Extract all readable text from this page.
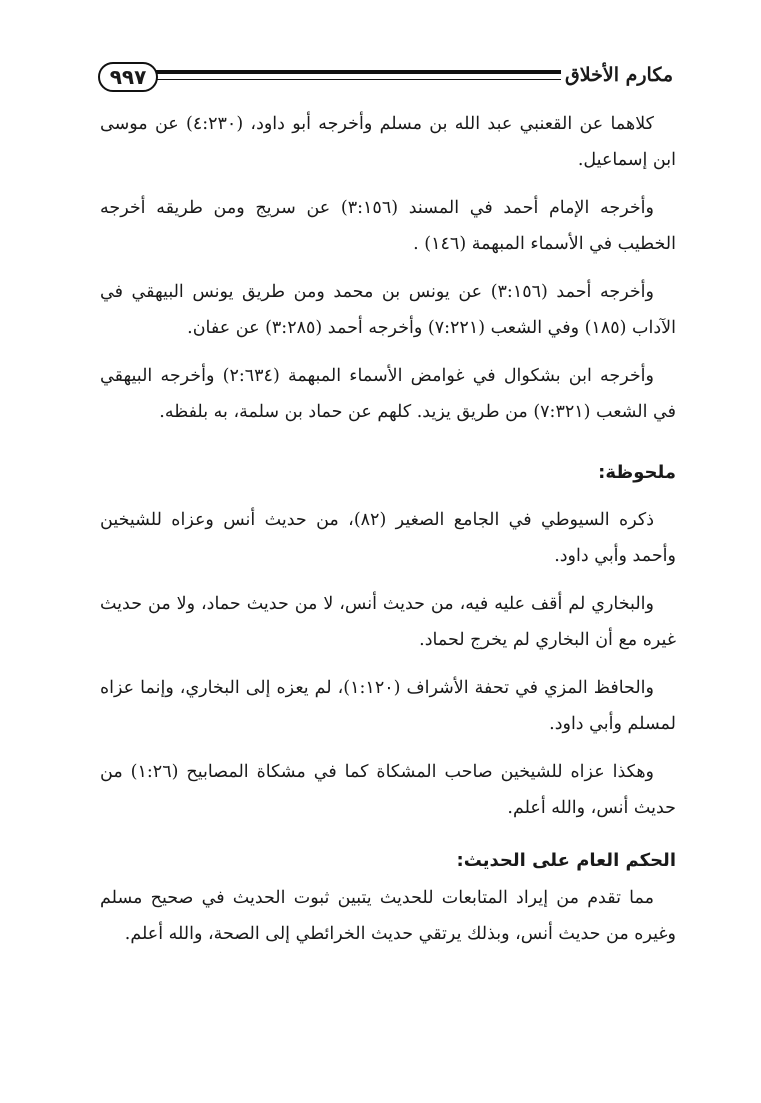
٩٩٧	مكارم الأخلاق

كلاهما عن القعنبي عبد الله بن مسلم وأخرجه أبو داود، (٤:٢٣٠) عن موسى ابن إسماعيل.

وأخرجه الإمام أحمد في المسند (٣:١٥٦) عن سريج ومن طريقه أخرجه الخطيب في الأسماء المبهمة (١٤٦) .

وأخرجه أحمد (٣:١٥٦) عن يونس بن محمد ومن طريق يونس البيهقي في الآداب (١٨٥) وفي الشعب (٧:٢٢١) وأخرجه أحمد (٣:٢٨٥) عن عفان.

وأخرجه ابن بشكوال في غوامض الأسماء المبهمة (٢:٦٣٤) وأخرجه البيهقي في الشعب (٧:٣٢١) من طريق يزيد. كلهم عن حماد بن سلمة، به بلفظه.

ملحوظة:

ذكره السيوطي في الجامع الصغير (٨٢)، من حديث أنس وعزاه للشيخين وأحمد وأبي داود.

والبخاري لم أقف عليه فيه، من حديث أنس، لا من حديث حماد، ولا من حديث غيره مع أن البخاري لم يخرج لحماد.

والحافظ المزي في تحفة الأشراف (١:١٢٠)، لم يعزه إلى البخاري، وإنما عزاه لمسلم وأبي داود.

وهكذا عزاه للشيخين صاحب المشكاة كما في مشكاة المصابيح (١:٢٦) من حديث أنس، والله أعلم.

الحكم العام على الحديث:

مما تقدم من إيراد المتابعات للحديث يتبين ثبوت الحديث في صحيح مسلم وغيره من حديث أنس، وبذلك يرتقي حديث الخرائطي إلى الصحة، والله أعلم.
